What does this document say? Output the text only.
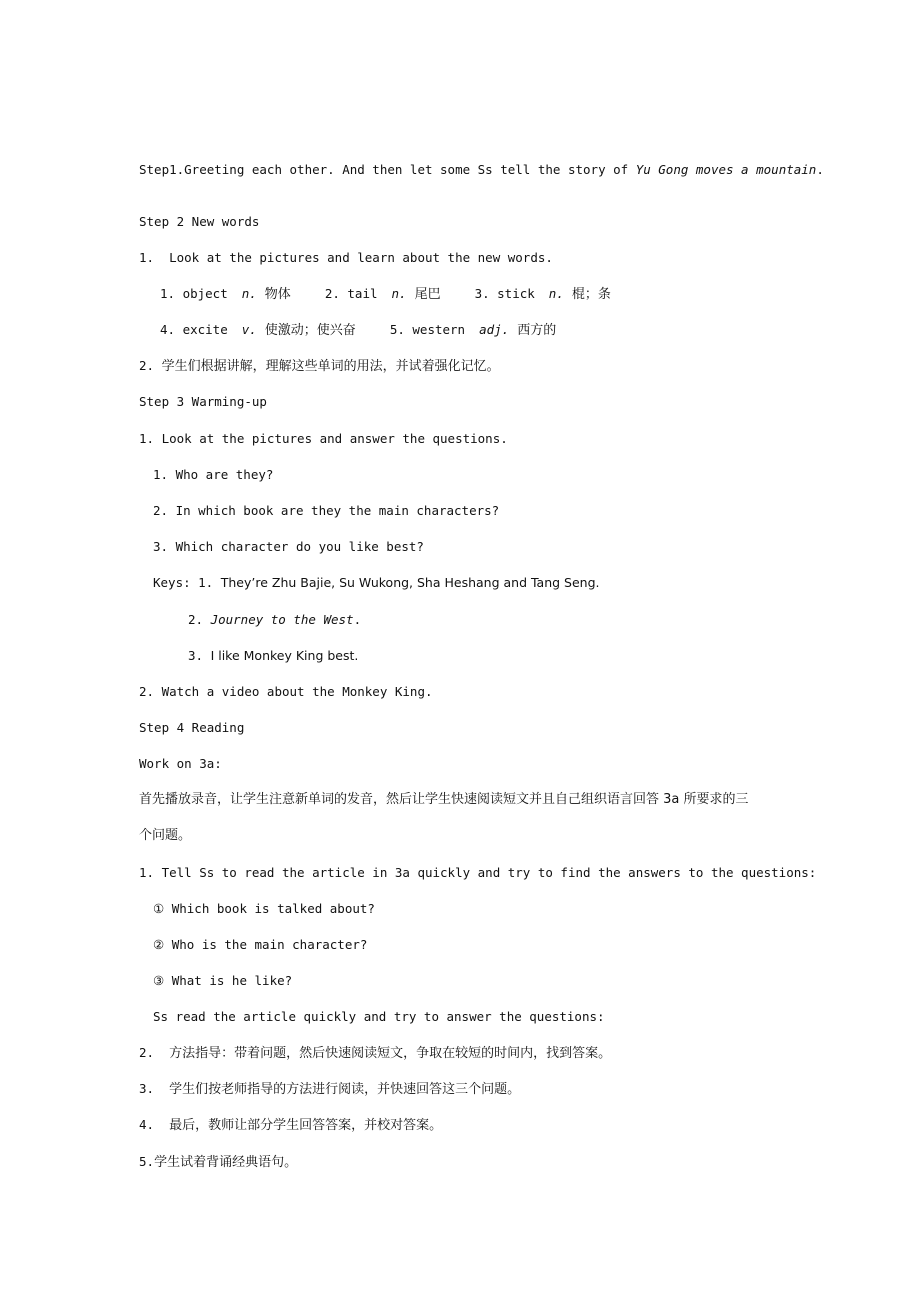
Step1.Greeting each other. And then let some Ss tell the story of Yu Gong moves a mountain.

Step 2 New words

1.  Look at the pictures and learn about the new words.

1. object n. 物体	2. tail n. 尾巴	3. stick n. 棍；条

4. excite v. 使激动；使兴奋	5. western adj. 西方的

2. 学生们根据讲解，理解这些单词的用法，并试着强化记忆。

Step 3 Warming-up

1. Look at the pictures and answer the questions.

1. Who are they?

2. In which book are they the main characters?

3. Which character do you like best?

Keys: 1. They’re Zhu Bajie, Su Wukong, Sha Heshang and Tang Seng.

2. Journey to the West.

3. I like Monkey King best.

2. Watch a video about the Monkey King.

Step 4 Reading

Work on 3a:

首先播放录音，让学生注意新单词的发音，然后让学生快速阅读短文并且自己组织语言回答 3a 所要求的三

个问题。

1. Tell Ss to read the article in 3a quickly and try to find the answers to the questions:

① Which book is talked about?

② Who is the main character?

③ What is he like?

Ss read the article quickly and try to answer the questions:

2.  方法指导：带着问题，然后快速阅读短文，争取在较短的时间内，找到答案。

3.  学生们按老师指导的方法进行阅读，并快速回答这三个问题。

4.  最后，教师让部分学生回答答案，并校对答案。

5.学生试着背诵经典语句。
